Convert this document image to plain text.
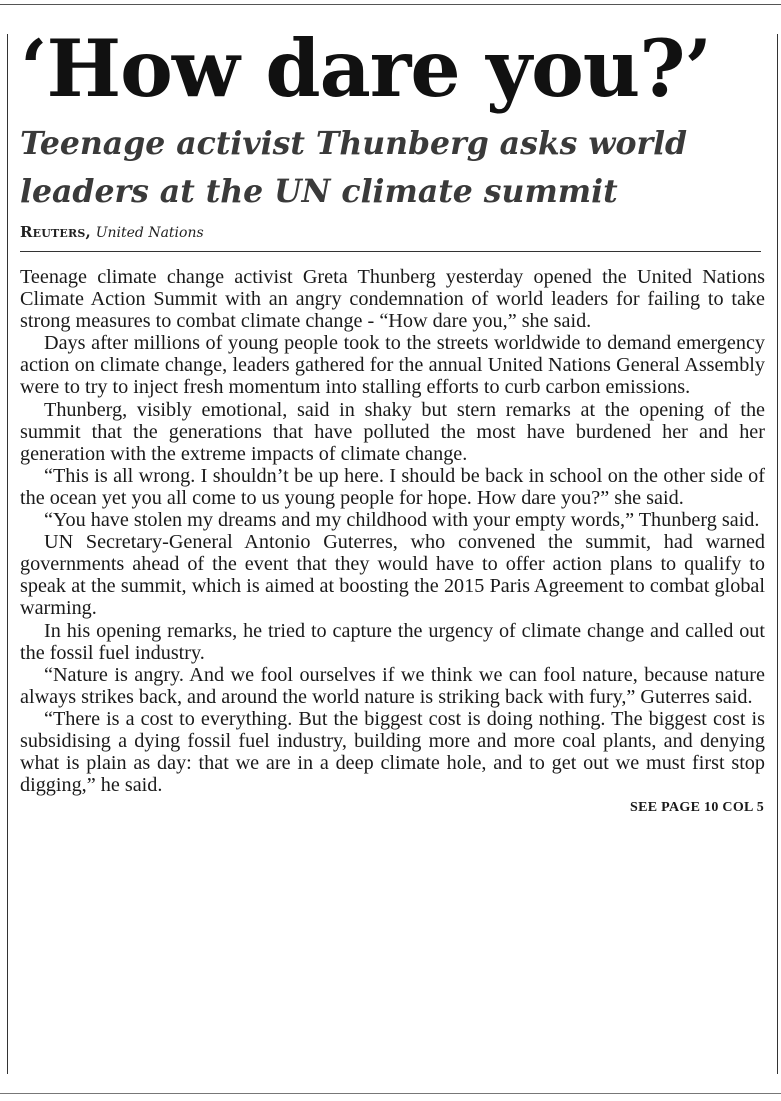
‘How dare you?’
Teenage activist Thunberg asks world
leaders at the UN climate summit
Reuters, United Nations

Teenage climate change activist Greta Thunberg yesterday opened the United Nations Climate Action Summit with an angry condemnation of world leaders for failing to take strong measures to combat climate change - “How dare you,” she said.

Days after millions of young people took to the streets worldwide to demand emergency action on climate change, leaders gathered for the annual United Nations General Assembly were to try to inject fresh momentum into stalling efforts to curb carbon emissions.

Thunberg, visibly emotional, said in shaky but stern remarks at the opening of the summit that the generations that have polluted the most have burdened her and her generation with the extreme impacts of climate change.

“This is all wrong. I shouldn’t be up here. I should be back in school on the other side of the ocean yet you all come to us young people for hope. How dare you?” she said.

“You have stolen my dreams and my childhood with your empty words,” Thunberg said.

UN Secretary-General Antonio Guterres, who convened the summit, had warned governments ahead of the event that they would have to offer action plans to qualify to speak at the summit, which is aimed at boosting the 2015 Paris Agreement to combat global warming.

In his opening remarks, he tried to capture the urgency of climate change and called out the fossil fuel industry.

“Nature is angry. And we fool ourselves if we think we can fool nature, because nature always strikes back, and around the world nature is striking back with fury,” Guterres said.

“There is a cost to everything. But the biggest cost is doing nothing. The biggest cost is subsidising a dying fossil fuel industry, building more and more coal plants, and denying what is plain as day: that we are in a deep climate hole, and to get out we must first stop digging,” he said.

SEE PAGE 10 COL 5
